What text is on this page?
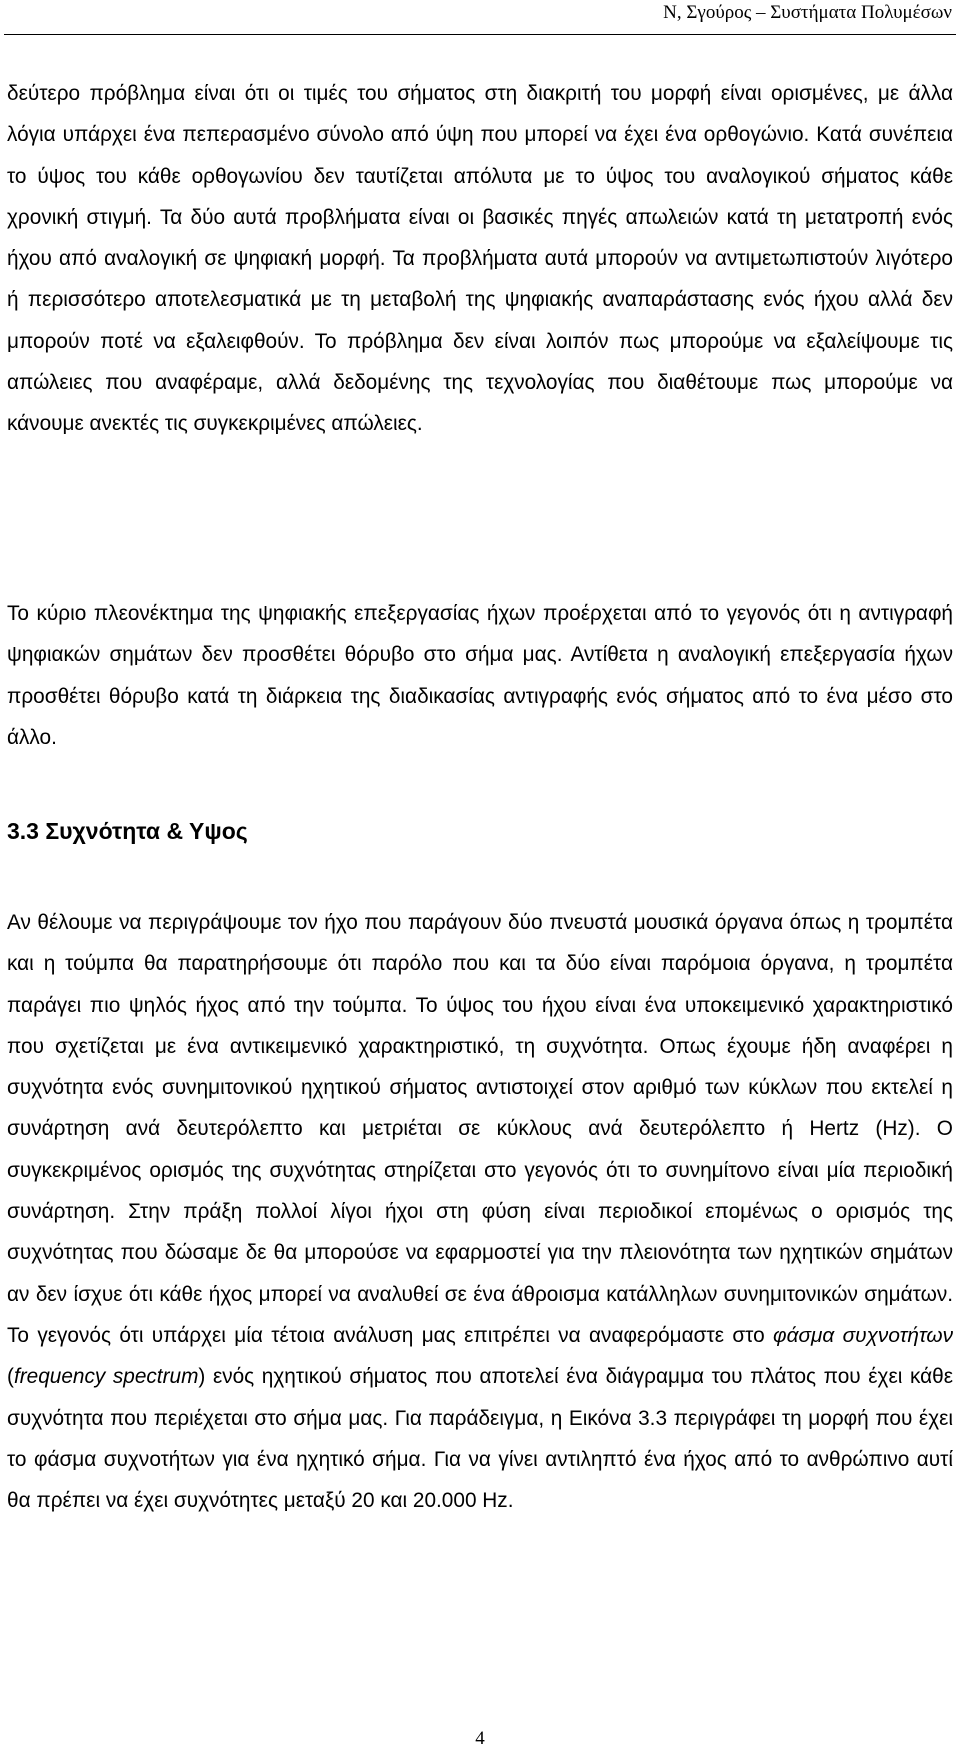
Ν, Σγούρος – Συστήματα Πολυμέσων

δεύτερο πρόβλημα είναι ότι οι τιμές του σήματος στη διακριτή του μορφή είναι ορισμένες, με άλλα λόγια υπάρχει ένα πεπερασμένο σύνολο από ύψη που μπορεί να έχει ένα ορθογώνιο. Κατά συνέπεια το ύψος του κάθε ορθογωνίου δεν ταυτίζεται απόλυτα με το ύψος του αναλογικού σήματος κάθε χρονική στιγμή. Τα δύο αυτά προβλήματα είναι οι βασικές πηγές απωλειών κατά τη μετατροπή ενός ήχου από αναλογική σε ψηφιακή μορφή. Τα προβλήματα αυτά μπορούν να αντιμετωπιστούν λιγότερο ή περισσότερο αποτελεσματικά με τη μεταβολή της ψηφιακής αναπαράστασης ενός ήχου αλλά δεν μπορούν ποτέ να εξαλειφθούν. Το πρόβλημα δεν είναι λοιπόν πως μπορούμε να εξαλείψουμε τις απώλειες που αναφέραμε, αλλά δεδομένης της τεχνολογίας που διαθέτουμε πως μπορούμε να κάνουμε ανεκτές τις συγκεκριμένες απώλειες.

Το κύριο πλεονέκτημα της ψηφιακής επεξεργασίας ήχων προέρχεται από το γεγονός ότι η αντιγραφή ψηφιακών σημάτων δεν προσθέτει θόρυβο στο σήμα μας. Αντίθετα η αναλογική επεξεργασία ήχων προσθέτει θόρυβο κατά τη διάρκεια της διαδικασίας αντιγραφής ενός σήματος από το ένα μέσο στο άλλο.

3.3 Συχνότητα & Υψος

Αν θέλουμε να περιγράψουμε τον ήχο που παράγουν δύο πνευστά μουσικά όργανα όπως η τρομπέτα και η τούμπα θα παρατηρήσουμε ότι παρόλο που και τα δύο είναι παρόμοια όργανα, η τρομπέτα παράγει πιο ψηλός ήχος από την τούμπα. Το ύψος του ήχου είναι ένα υποκειμενικό χαρακτηριστικό που σχετίζεται με ένα αντικειμενικό χαρακτηριστικό, τη συχνότητα. Οπως έχουμε ήδη αναφέρει η συχνότητα ενός συνημιτονικού ηχητικού σήματος αντιστοιχεί στον αριθμό των κύκλων που εκτελεί η συνάρτηση ανά δευτερόλεπτο και μετριέται σε κύκλους ανά δευτερόλεπτο ή Hertz (Hz). Ο συγκεκριμένος ορισμός της συχνότητας στηρίζεται στο γεγονός ότι το συνημίτονο είναι μία περιοδική συνάρτηση. Στην πράξη πολλοί λίγοι ήχοι στη φύση είναι περιοδικοί επομένως ο ορισμός της συχνότητας που δώσαμε δε θα μπορούσε να εφαρμοστεί για την πλειονότητα των ηχητικών σημάτων αν δεν ίσχυε ότι κάθε ήχος μπορεί να αναλυθεί σε ένα άθροισμα κατάλληλων συνημιτονικών σημάτων. Το γεγονός ότι υπάρχει μία τέτοια ανάλυση μας επιτρέπει να αναφερόμαστε στο φάσμα συχνοτήτων (frequency spectrum) ενός ηχητικού σήματος που αποτελεί ένα διάγραμμα του πλάτος που έχει κάθε συχνότητα που περιέχεται στο σήμα μας. Για παράδειγμα, η Εικόνα 3.3 περιγράφει τη μορφή που έχει το φάσμα συχνοτήτων για ένα ηχητικό σήμα. Για να γίνει αντιληπτό ένα ήχος από το ανθρώπινο αυτί θα πρέπει να έχει συχνότητες μεταξύ 20 και 20.000 Hz.

4
